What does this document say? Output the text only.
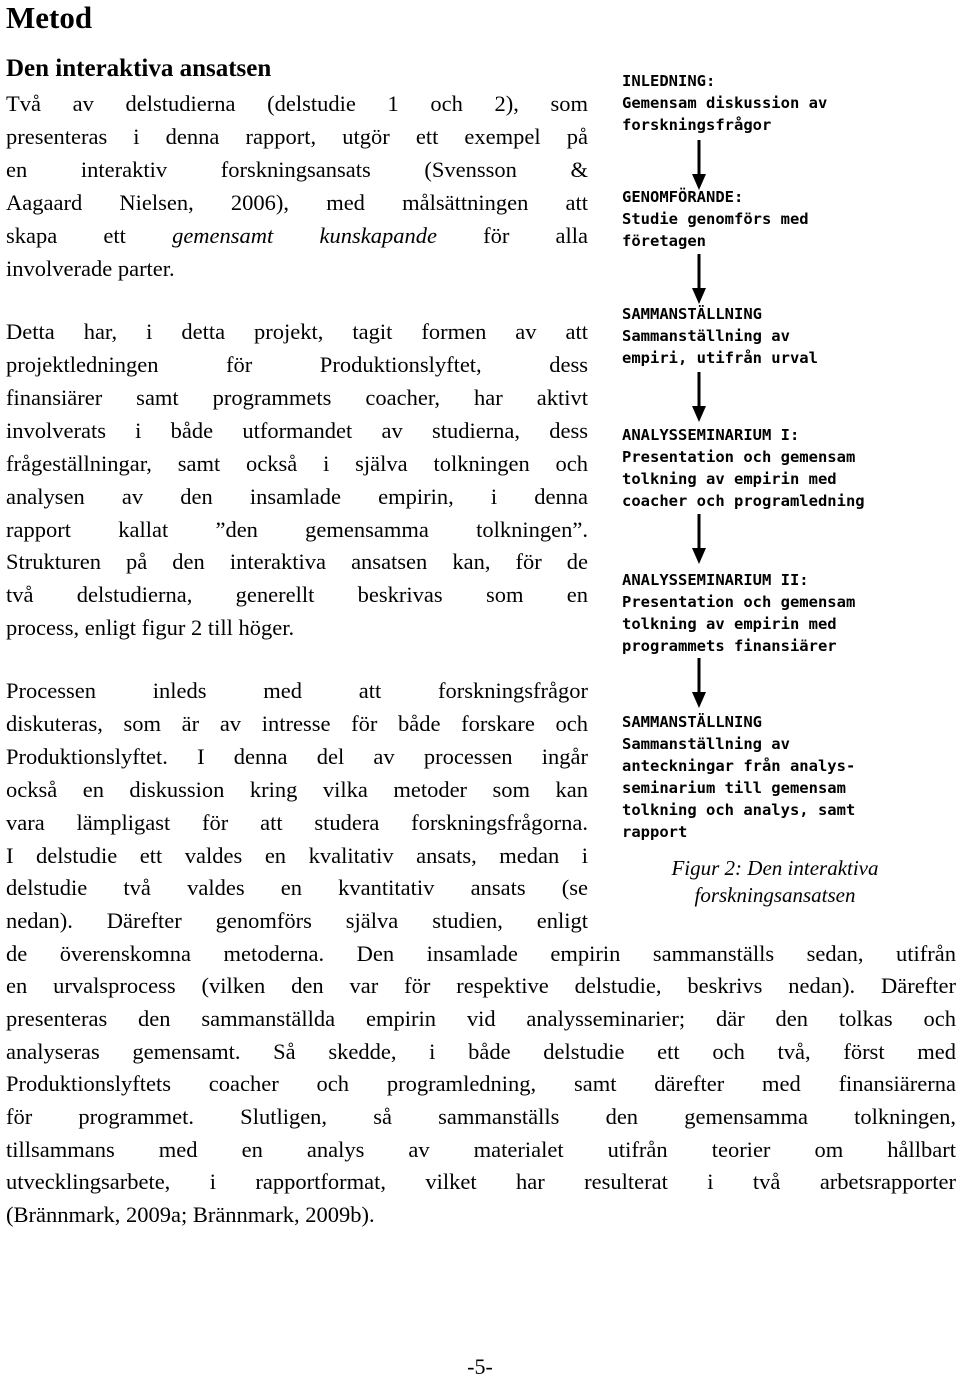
Metod
Den interaktiva ansatsen
Två av delstudierna (delstudie 1 och 2), som
presenteras i denna rapport, utgör ett exempel på
en interaktiv forskningsansats (Svensson &
Aagaard Nielsen, 2006), med målsättningen att
skapa ett gemensamt kunskapande för alla
involverade parter.
Detta har, i detta projekt, tagit formen av att
projektledningen för Produktionslyftet, dess
finansiärer samt programmets coacher, har aktivt
involverats i både utformandet av studierna, dess
frågeställningar, samt också i själva tolkningen och
analysen av den insamlade empirin, i denna
rapport kallat ”den gemensamma tolkningen”.
Strukturen på den interaktiva ansatsen kan, för de
två delstudierna, generellt beskrivas som en
process, enligt figur 2 till höger.
Processen inleds med att forskningsfrågor
diskuteras, som är av intresse för både forskare och
Produktionslyftet. I denna del av processen ingår
också en diskussion kring vilka metoder som kan
vara lämpligast för att studera forskningsfrågorna.
I delstudie ett valdes en kvalitativ ansats, medan i
delstudie två valdes en kvantitativ ansats (se
nedan). Därefter genomförs själva studien, enligt
de överenskomna metoderna. Den insamlade empirin sammanställs sedan, utifrån
en urvalsprocess (vilken den var för respektive delstudie, beskrivs nedan). Därefter
presenteras den sammanställda empirin vid analysseminarier; där den tolkas och
analyseras gemensamt. Så skedde, i både delstudie ett och två, först med
Produktionslyftets coacher och programledning, samt därefter med finansiärerna
för programmet. Slutligen, så sammanställs den gemensamma tolkningen,
tillsammans med en analys av materialet utifrån teorier om hållbart
utvecklingsarbete, i rapportformat, vilket har resulterat i två arbetsrapporter
(Brännmark, 2009a; Brännmark, 2009b).
INLEDNING:
Gemensam diskussion av
forskningsfrågor
GENOMFÖRANDE:
Studie genomförs med
företagen
SAMMANSTÄLLNING
Sammanställning av
empiri, utifrån urval
ANALYSSEMINARIUM I:
Presentation och gemensam
tolkning av empirin med
coacher och programledning
ANALYSSEMINARIUM II:
Presentation och gemensam
tolkning av empirin med
programmets finansiärer
SAMMANSTÄLLNING
Sammanställning av
anteckningar från analys-
seminarium till gemensam
tolkning och analys, samt
rapport
Figur 2: Den interaktiva
forskningsansatsen
-5-
